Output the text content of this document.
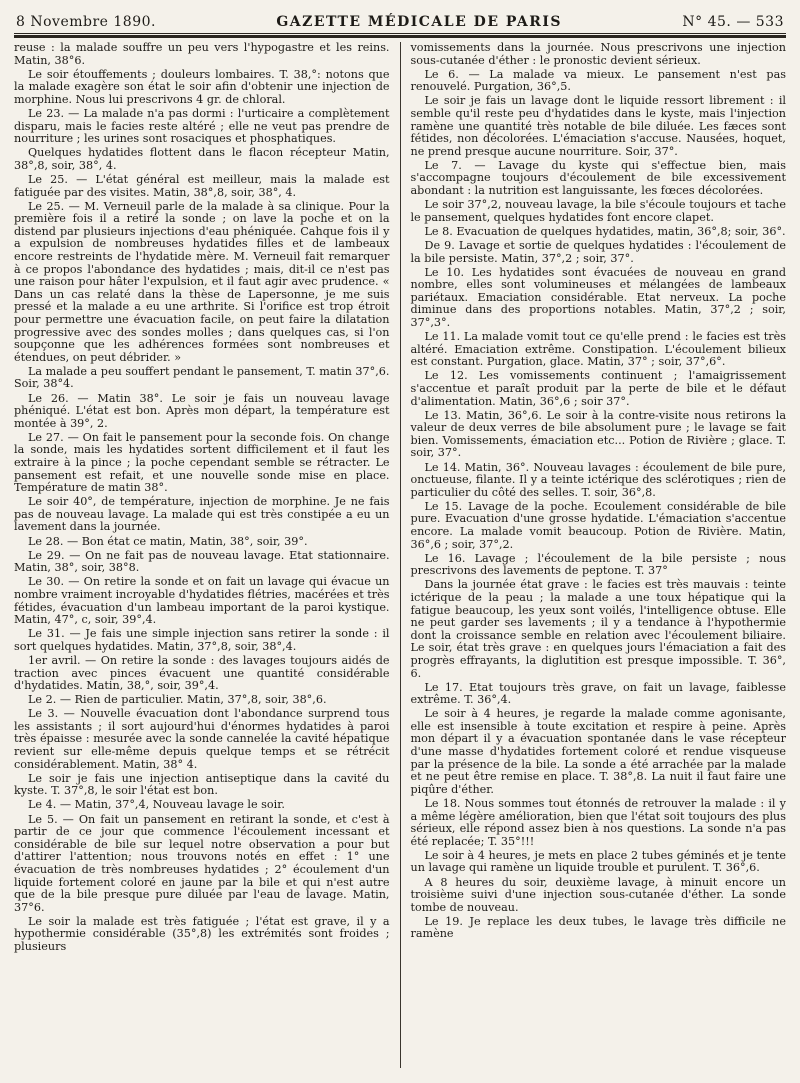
8 Novembre 1890.	GAZETTE MÉDICALE DE PARIS	N° 45. — 533

reuse : la malade souffre un peu vers l'hypogastre et les reins. Matin, 38°6.

Le soir étouffements ; douleurs lombaires. T. 38,°: notons que la malade exagère son état le soir afin d'obtenir une injection de morphine. Nous lui prescrivons 4 gr. de chloral.

Le 23. — La malade n'a pas dormi : l'urticaire a complètement disparu, mais le facies reste altéré ; elle ne veut pas prendre de nourriture ; les urines sont rosaciques et phosphatiques.

Quelques hydatides flottent dans le flacon récepteur Matin, 38°,8, soir, 38°, 4.

Le 25. — L'état général est meilleur, mais la malade est fatiguée par des visites. Matin, 38°,8, soir, 38°, 4.

Le 25. — M. Verneuil parle de la malade à sa clinique. Pour la première fois il a retiré la sonde ; on lave la poche et on la distend par plusieurs injections d'eau phéniquée. Cahque fois il y a expulsion de nombreuses hydatides filles et de lambeaux encore restreints de l'hydatide mère. M. Verneuil fait remarquer à ce propos l'abondance des hydatides ; mais, dit-il ce n'est pas une raison pour hâter l'expulsion, et il faut agir avec prudence. « Dans un cas relaté dans la thèse de Lapersonne, je me suis pressé et la malade a eu une arthrite. Si l'orifice est trop étroit pour permettre une évacuation facile, on peut faire la dilatation progressive avec des sondes molles ; dans quelques cas, si l'on soupçonne que les adhérences formées sont nombreuses et étendues, on peut débrider. »

La malade a peu souffert pendant le pansement, T. matin 37°,6. Soir, 38°4.

Le 26. — Matin 38°. Le soir je fais un nouveau lavage phéniqué. L'état est bon. Après mon départ, la température est montée à 39°, 2.

Le 27. — On fait le pansement pour la seconde fois. On change la sonde, mais les hydatides sortent difficilement et il faut les extraire à la pince ; la poche cependant semble se rétracter. Le pansement est refait, et une nouvelle sonde mise en place. Température de matin 38°.

Le soir 40°, de température, injection de morphine. Je ne fais pas de nouveau lavage. La malade qui est très constipée a eu un lavement dans la journée.

Le 28. — Bon état ce matin, Matin, 38°, soir, 39°.

Le 29. — On ne fait pas de nouveau lavage. Etat stationnaire. Matin, 38°, soir, 38°8.

Le 30. — On retire la sonde et on fait un lavage qui évacue un nombre vraiment incroyable d'hydatides flétries, macérées et très fétides, évacuation d'un lambeau important de la paroi kystique. Matin, 47°, c, soir, 39°,4.

Le 31. — Je fais une simple injection sans retirer la sonde : il sort quelques hydatides. Matin, 37°,8, soir, 38°,4.

1er avril. — On retire la sonde : des lavages toujours aidés de traction avec pinces évacuent une quantité considérable d'hydatides. Matin, 38,°, soir, 39°,4.

Le 2. — Rien de particulier. Matin, 37°,8, soir, 38°,6.

Le 3. — Nouvelle évacuation dont l'abondance surprend tous les assistants ; il sort aujourd'hui d'énormes hydatides à paroi très épaisse : mesurée avec la sonde cannelée la cavité hépatique revient sur elle-même depuis quelque temps et se rétrécit considérablement. Matin, 38° 4.

Le soir je fais une injection antiseptique dans la cavité du kyste. T. 37°,8, le soir l'état est bon.

Le 4. — Matin, 37°,4, Nouveau lavage le soir.

Le 5. — On fait un pansement en retirant la sonde, et c'est à partir de ce jour que commence l'écoulement incessant et considérable de bile sur lequel notre observation a pour but d'attirer l'attention; nous trouvons notés en effet : 1° une évacuation de très nombreuses hydatides ; 2° écoulement d'un liquide fortement coloré en jaune par la bile et qui n'est autre que de la bile presque pure diluée par l'eau de lavage. Matin, 37°6.

Le soir la malade est très fatiguée ; l'état est grave, il y a hypothermie considérable (35°,8) les extrémités sont froides ; plusieurs

vomissements dans la journée. Nous prescrivons une injection sous-cutanée d'éther : le pronostic devient sérieux.

Le 6. — La malade va mieux. Le pansement n'est pas renouvelé. Purgation, 36°,5.

Le soir je fais un lavage dont le liquide ressort librement : il semble qu'il reste peu d'hydatides dans le kyste, mais l'injection ramène une quantité très notable de bile diluée. Les fæces sont fétides, non décolorées. L'émaciation s'accuse. Nausées, hoquet, ne prend presque aucune nourriture. Soir, 37°.

Le 7. — Lavage du kyste qui s'effectue bien, mais s'accompagne toujours d'écoulement de bile excessivement abondant : la nutrition est languissante, les fœces décolorées.

Le soir 37°,2, nouveau lavage, la bile s'écoule toujours et tache le pansement, quelques hydatides font encore clapet.

Le 8. Evacuation de quelques hydatides, matin, 36°,8; soir, 36°.

De 9. Lavage et sortie de quelques hydatides : l'écoulement de la bile persiste. Matin, 37°,2 ; soir, 37°.

Le 10. Les hydatides sont évacuées de nouveau en grand nombre, elles sont volumineuses et mélangées de lambeaux pariétaux. Emaciation considérable. Etat nerveux. La poche diminue dans des proportions notables. Matin, 37°,2 ; soir, 37°,3°.

Le 11. La malade vomit tout ce qu'elle prend : le facies est très altéré. Emaciation extrême. Constipation. L'écoulement bilieux est constant. Purgation, glace. Matin, 37° ; soir, 37°,6°.

Le 12. Les vomissements continuent ; l'amaigrissement s'accentue et paraît produit par la perte de bile et le défaut d'alimentation. Matin, 36°,6 ; soir 37°.

Le 13. Matin, 36°,6. Le soir à la contre-visite nous retirons la valeur de deux verres de bile absolument pure ; le lavage se fait bien. Vomissements, émaciation etc... Potion de Rivière ; glace. T. soir, 37°.

Le 14. Matin, 36°. Nouveau lavages : écoulement de bile pure, onctueuse, filante. Il y a teinte ictérique des sclérotiques ; rien de particulier du côté des selles. T. soir, 36°,8.

Le 15. Lavage de la poche. Ecoulement considérable de bile pure. Evacuation d'une grosse hydatide. L'émaciation s'accentue encore. La malade vomit beaucoup. Potion de Rivière. Matin, 36°,6 ; soir, 37°,2.

Le 16. Lavage ; l'écoulement de la bile persiste ; nous prescrivons des lavements de peptone. T. 37°

Dans la journée état grave : le facies est très mauvais : teinte ictérique de la peau ; la malade a une toux hépatique qui la fatigue beaucoup, les yeux sont voilés, l'intelligence obtuse. Elle ne peut garder ses lavements ; il y a tendance à l'hypothermie dont la croissance semble en relation avec l'écoulement biliaire. Le soir, état très grave : en quelques jours l'émaciation a fait des progrès effrayants, la diglutition est presque impossible. T. 36°, 6.

Le 17. Etat toujours très grave, on fait un lavage, faiblesse extrême. T. 36°,4.

Le soir à 4 heures, je regarde la malade comme agonisante, elle est insensible à toute excitation et respire à peine. Après mon départ il y a évacuation spontanée dans le vase récepteur d'une masse d'hydatides fortement coloré et rendue visqueuse par la présence de la bile. La sonde a été arrachée par la malade et ne peut être remise en place. T. 38°,8. La nuit il faut faire une piqûre d'éther.

Le 18. Nous sommes tout étonnés de retrouver la malade : il y a même légère amélioration, bien que l'état soit toujours des plus sérieux, elle répond assez bien à nos questions. La sonde n'a pas été replacée; T. 35°!!!

Le soir à 4 heures, je mets en place 2 tubes géminés et je tente un lavage qui ramène un liquide trouble et purulent. T. 36°,6.

A 8 heures du soir, deuxième lavage, à minuit encore un troisième suivi d'une injection sous-cutanée d'éther. La sonde tombe de nouveau.

Le 19. Je replace les deux tubes, le lavage très difficile ne ramène
